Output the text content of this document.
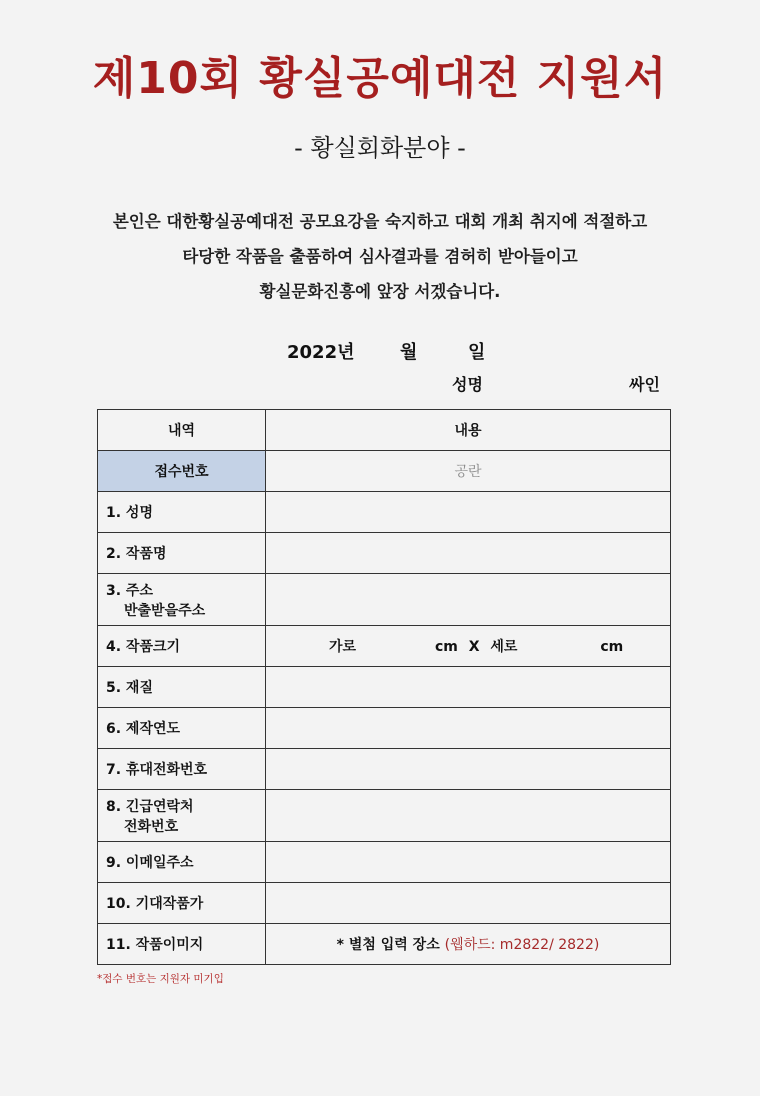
제10회 황실공예대전 지원서
- 황실회화분야 -
본인은 대한황실공예대전 공모요강을 숙지하고 대회 개최 취지에 적절하고
타당한 작품을 출품하여 심사결과를 겸허히 받아들이고
황실문화진흥에 앞장 서겠습니다.
2022년	월	일
성명	싸인
내역	내용
접수번호	공란
1. 성명	
2. 작품명	
3. 주소
반출받을주소	

4. 작품크기	가로 cm X 세로 cm
5. 재질	
6. 제작연도	
7. 휴대전화번호	
8. 긴급연락처
전화번호	

9. 이메일주소	
10. 기대작품가	
11. 작품이미지	* 별첨 입력 장소 (웹하드: m2822/ 2822)
*접수 번호는 지원자 미기입
